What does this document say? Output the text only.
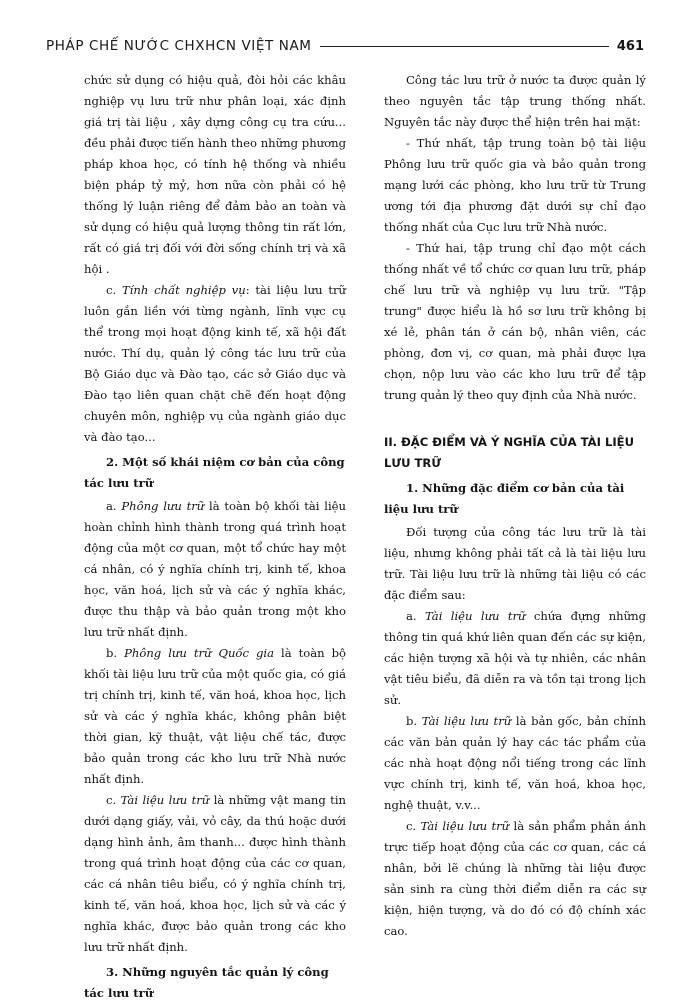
PHÁP CHẾ NƯỚC CHXHCN VIỆT NAM	461

chức sử dụng có hiệu quả, đòi hỏi các khâu nghiệp vụ lưu trữ như phân loại, xác định giá trị tài liệu , xây dựng công cụ tra cứu... đều phải được tiến hành theo những phương pháp khoa học, có tính hệ thống và nhiều biện pháp tỷ mỷ, hơn nữa còn phải có hệ thống lý luận riêng để đảm bảo an toàn và sử dụng có hiệu quả lượng thông tin rất lớn, rất có giá trị đối với đời sống chính trị và xã hội .

c. Tính chất nghiệp vụ: tài liệu lưu trữ luôn gắn liền với từng ngành, lĩnh vực cụ thể trong mọi hoạt động kinh tế, xã hội đất nước. Thí dụ, quản lý công tác lưu trữ của Bộ Giáo dục và Đào tạo, các sở Giáo dục và Đào tạo liên quan chặt chẽ đến hoạt động chuyên môn, nghiệp vụ của ngành giáo dục và đào tạo...

2. Một số khái niệm cơ bản của công tác lưu trữ

a. Phông lưu trữ là toàn bộ khối tài liệu hoàn chỉnh hình thành trong quá trình hoạt động của một cơ quan, một tổ chức hay một cá nhân, có ý nghĩa chính trị, kinh tế, khoa học, văn hoá, lịch sử và các ý nghĩa khác, được thu thập và bảo quản trong một kho lưu trữ nhất định.

b. Phông lưu trữ Quốc gia là toàn bộ khối tài liệu lưu trữ của một quốc gia, có giá trị chính trị, kinh tế, văn hoá, khoa học, lịch sử và các ý nghĩa khác, không phân biệt thời gian, kỹ thuật, vật liệu chế tác, được bảo quản trong các kho lưu trữ Nhà nước nhất định.

c. Tài liệu lưu trữ là những vật mang tin dưới dạng giấy, vải, vỏ cây, da thú hoặc dưới dạng hình ảnh, âm thanh... được hình thành trong quá trình hoạt động của các cơ quan, các cá nhân tiêu biểu, có ý nghĩa chính trị, kinh tế, văn hoá, khoa học, lịch sử và các ý nghĩa khác, được bảo quản trong các kho lưu trữ nhất định.

3. Những nguyên tắc quản lý công tác lưu trữ

Công tác lưu trữ ở nước ta được quản lý theo nguyên tắc tập trung thống nhất. Nguyên tắc này được thể hiện trên hai mặt:

- Thứ nhất, tập trung toàn bộ tài liệu Phông lưu trữ quốc gia và bảo quản trong mạng lưới các phòng, kho lưu trữ từ Trung ương tới địa phương đặt dưới sự chỉ đạo thống nhất của Cục lưu trữ Nhà nước.

- Thứ hai, tập trung chỉ đạo một cách thống nhất về tổ chức cơ quan lưu trữ, pháp chế lưu trữ và nghiệp vụ lưu trữ. "Tập trung" được hiểu là hồ sơ lưu trữ không bị xé lẻ, phân tán ở cán bộ, nhân viên, các phòng, đơn vị, cơ quan, mà phải được lựa chọn, nộp lưu vào các kho lưu trữ để tập trung quản lý theo quy định của Nhà nước.

II. ĐẶC ĐIỂM VÀ Ý NGHĨA CỦA TÀI LIỆU LƯU TRỮ
1. Những đặc điểm cơ bản của tài liệu lưu trữ

Đối tượng của công tác lưu trữ là tài liệu, nhưng không phải tất cả là tài liệu lưu trữ. Tài liệu lưu trữ là những tài liệu có các đặc điểm sau:

a. Tài liệu lưu trữ chứa đựng những thông tin quá khứ liên quan đến các sự kiện, các hiện tượng xã hội và tự nhiên, các nhân vật tiêu biểu, đã diễn ra và tồn tại trong lịch sử.

b. Tài liệu lưu trữ là bản gốc, bản chính các văn bản quản lý hay các tác phẩm của các nhà hoạt động nổi tiếng trong các lĩnh vực chính trị, kinh tế, văn hoá, khoa học, nghệ thuật, v.v...

c. Tài liệu lưu trữ là sản phẩm phản ánh trực tiếp hoạt động của các cơ quan, các cá nhân, bởi lẽ chúng là những tài liệu được sản sinh ra cùng thời điểm diễn ra các sự kiện, hiện tượng, và do đó có độ chính xác cao.
